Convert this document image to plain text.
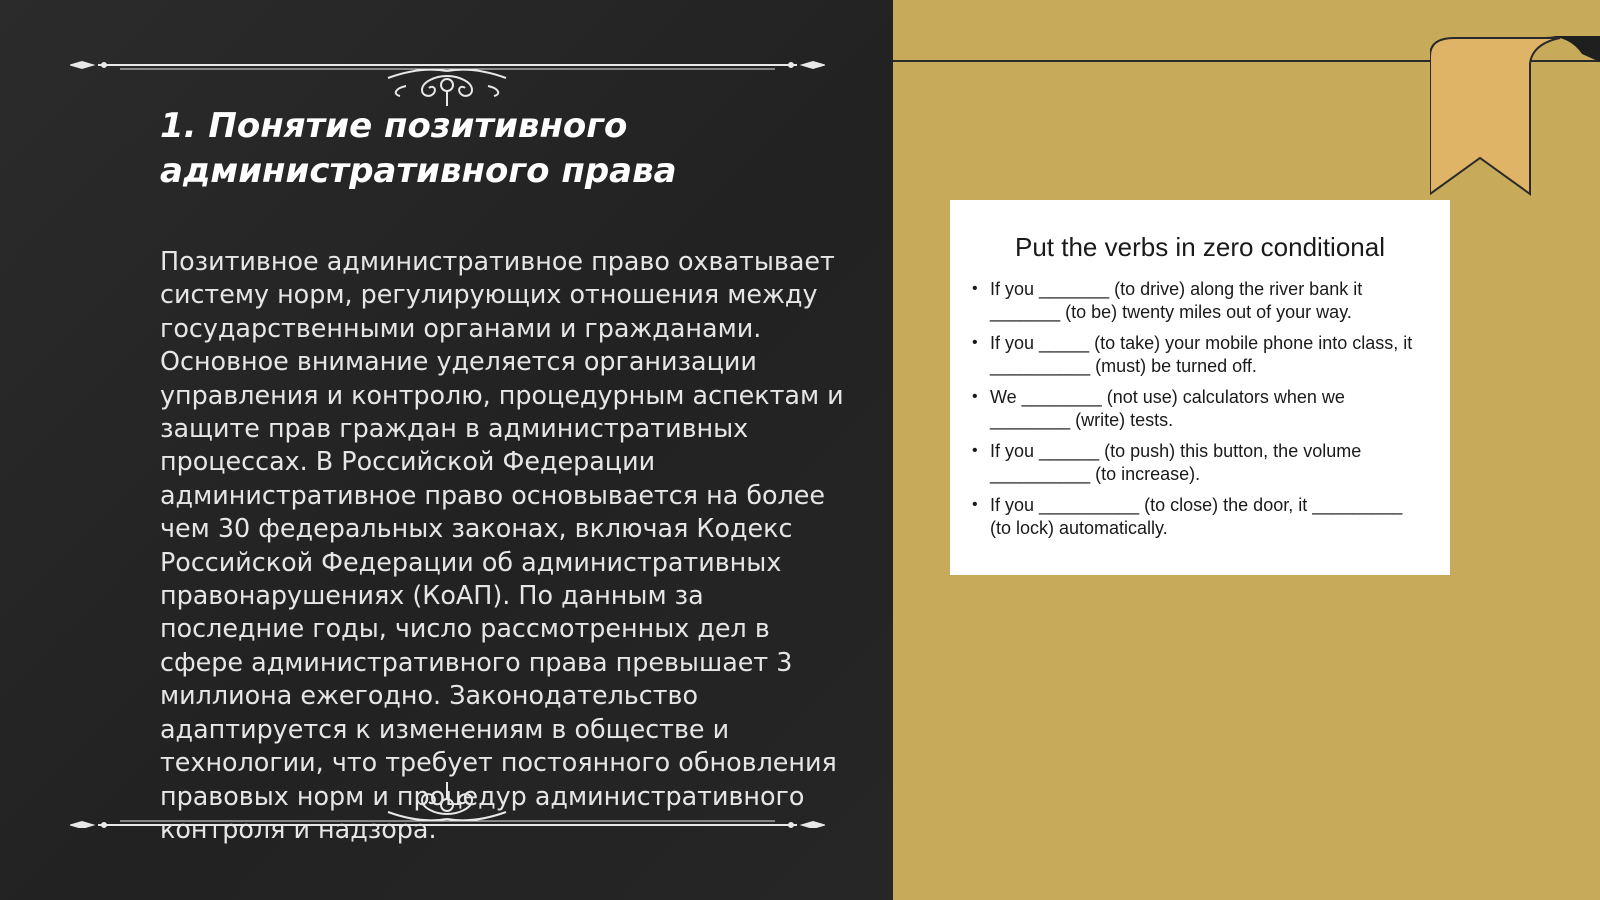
1. Понятие позитивного административного права

Позитивное административное право охватывает систему норм, регулирующих отношения между государственными органами и гражданами. Основное внимание уделяется организации управления и контролю, процедурным аспектам и защите прав граждан в административных процессах. В Российской Федерации административное право основывается на более чем 30 федеральных законах, включая Кодекс Российской Федерации об административных правонарушениях (КоАП). По данным за последние годы, число рассмотренных дел в сфере административного права превышает 3 миллиона ежегодно. Законодательство адаптируется к изменениям в обществе и технологии, что требует постоянного обновления правовых норм и процедур административного контроля и надзора.

Put the verbs in zero conditional
• If you _______ (to drive) along the river bank it _______ (to be) twenty miles out of your way.
• If you _____ (to take) your mobile phone into class, it __________ (must) be turned off.
• We ________ (not use) calculators when we ________ (write) tests.
• If you ______ (to push) this button, the volume __________ (to increase).
• If you __________ (to close) the door, it _________ (to lock) automatically.
